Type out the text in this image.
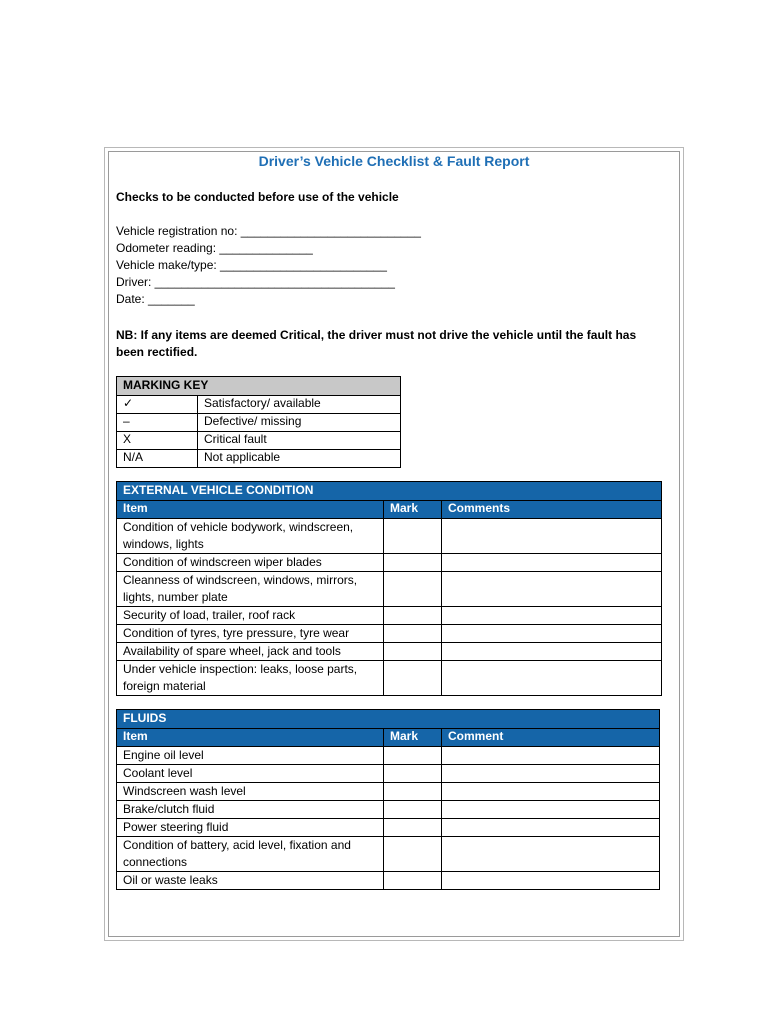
Driver’s Vehicle Checklist & Fault Report
Checks to be conducted before use of the vehicle
Vehicle registration no: ___________________________
Odometer reading: ______________
Vehicle make/type: _________________________
Driver: ____________________________________
Date: _______
NB: If any items are deemed Critical, the driver must not drive the vehicle until the fault has been rectified.
MARKING KEY	
✓	Satisfactory/ available
–	Defective/ missing
X	Critical fault
N/A	Not applicable
EXTERNAL VEHICLE CONDITION		
Item	Mark	Comments
Condition of vehicle bodywork, windscreen, windows, lights		
Condition of windscreen wiper blades		
Cleanness of windscreen, windows, mirrors, lights, number plate		
Security of load, trailer, roof rack		
Condition of tyres, tyre pressure, tyre wear		
Availability of spare wheel, jack and tools		
Under vehicle inspection: leaks, loose parts, foreign material		
FLUIDS		
Item	Mark	Comment
Engine oil level		
Coolant level		
Windscreen wash level		
Brake/clutch fluid		
Power steering fluid		
Condition of battery, acid level, fixation and connections		
Oil or waste leaks		
